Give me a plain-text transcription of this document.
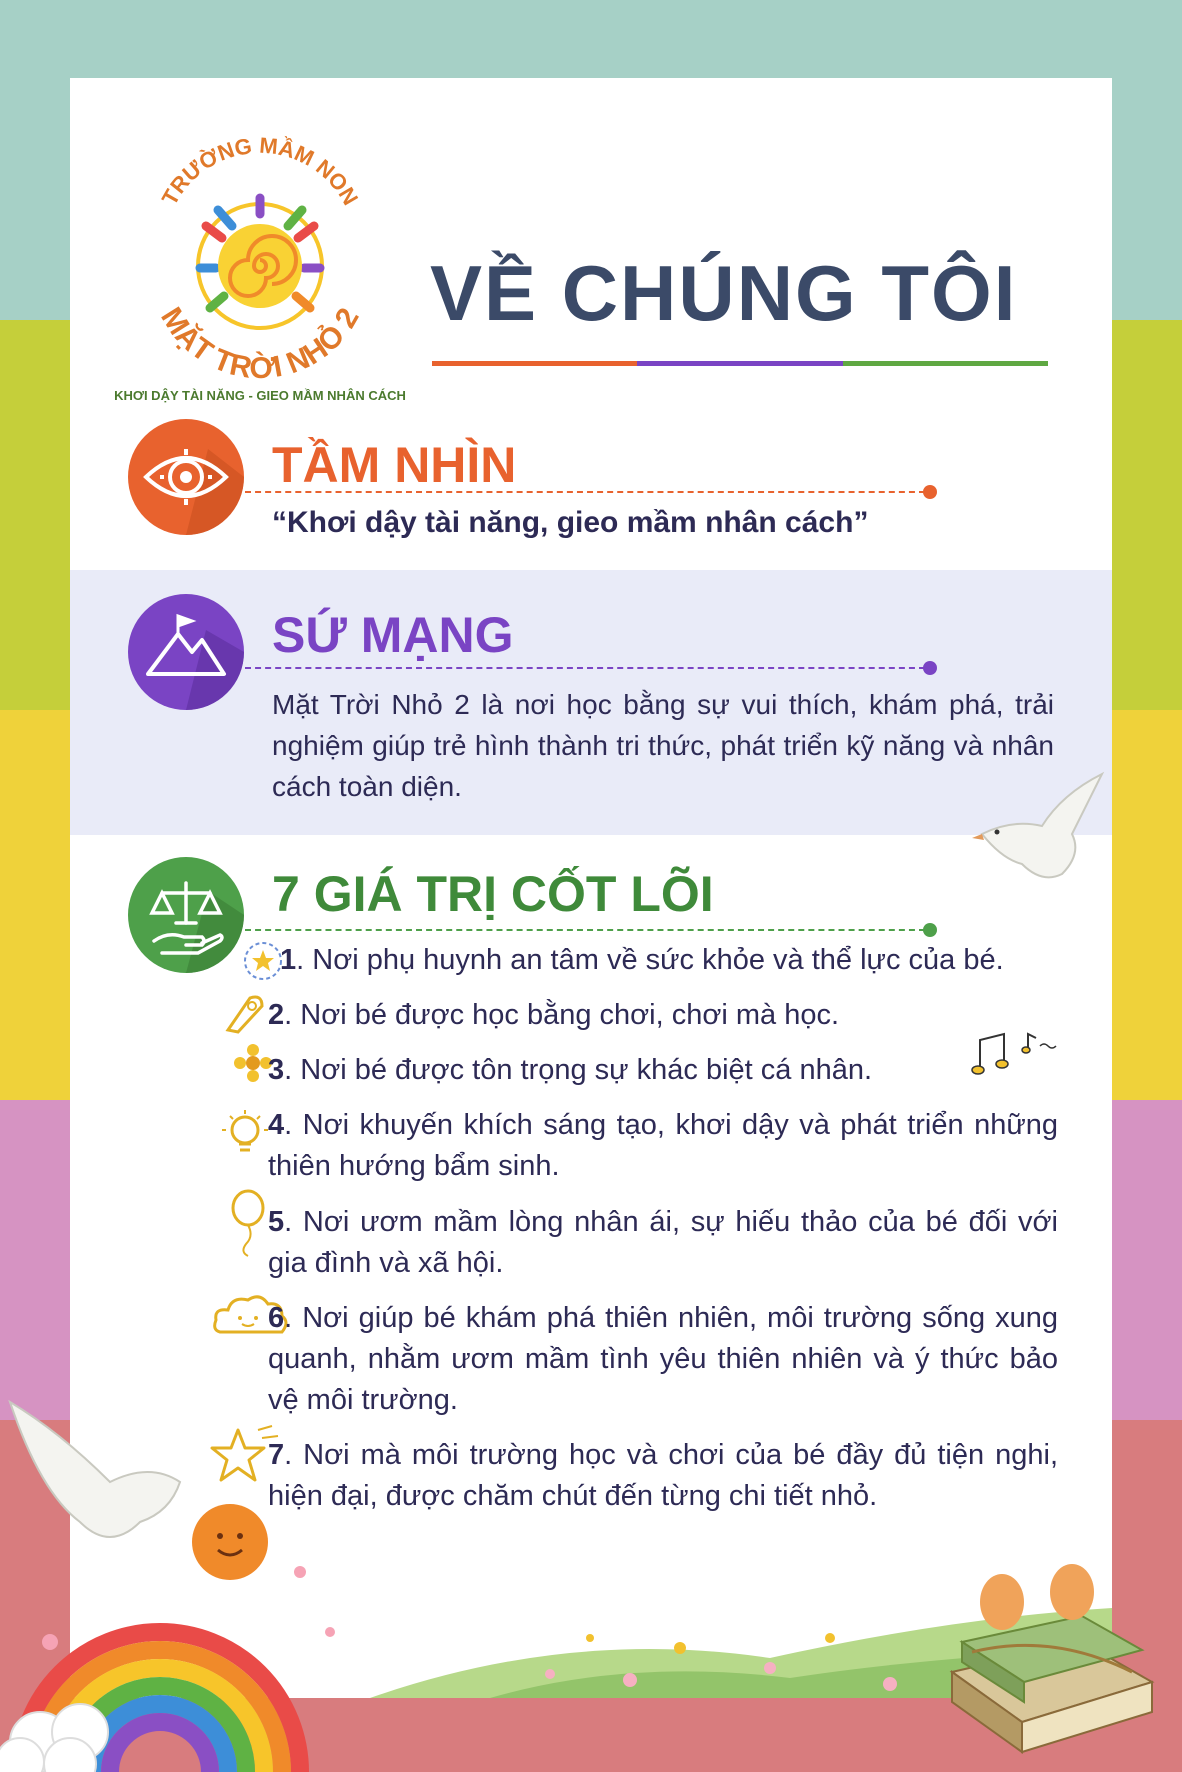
TRƯỜNG MẦM NON
MẶT TRỜI NHỎ 2
KHƠI DẬY TÀI NĂNG - GIEO MẦM NHÂN CÁCH
VỀ CHÚNG TÔI
TẦM NHÌN
“Khơi dậy tài năng, gieo mầm nhân cách”
SỨ MẠNG
Mặt Trời Nhỏ 2 là nơi học bằng sự vui thích, khám phá, trải nghiệm giúp trẻ hình thành tri thức, phát triển kỹ năng và nhân cách toàn diện.
7 GIÁ TRỊ CỐT LÕI
1. Nơi phụ huynh an tâm về sức khỏe và thể lực của bé.
2. Nơi bé được học bằng chơi, chơi mà học.
3. Nơi bé được tôn trọng sự khác biệt cá nhân.
4. Nơi khuyến khích sáng tạo, khơi dậy và phát triển những thiên hướng bẩm sinh.
5. Nơi ươm mầm lòng nhân ái, sự hiếu thảo của bé đối với gia đình và xã hội.
6. Nơi giúp bé khám phá thiên nhiên, môi trường sống xung quanh, nhằm ươm mầm tình yêu thiên nhiên và ý thức bảo vệ môi trường.
7. Nơi mà môi trường học và chơi của bé đầy đủ tiện nghi, hiện đại, được chăm chút đến từng chi tiết nhỏ.
